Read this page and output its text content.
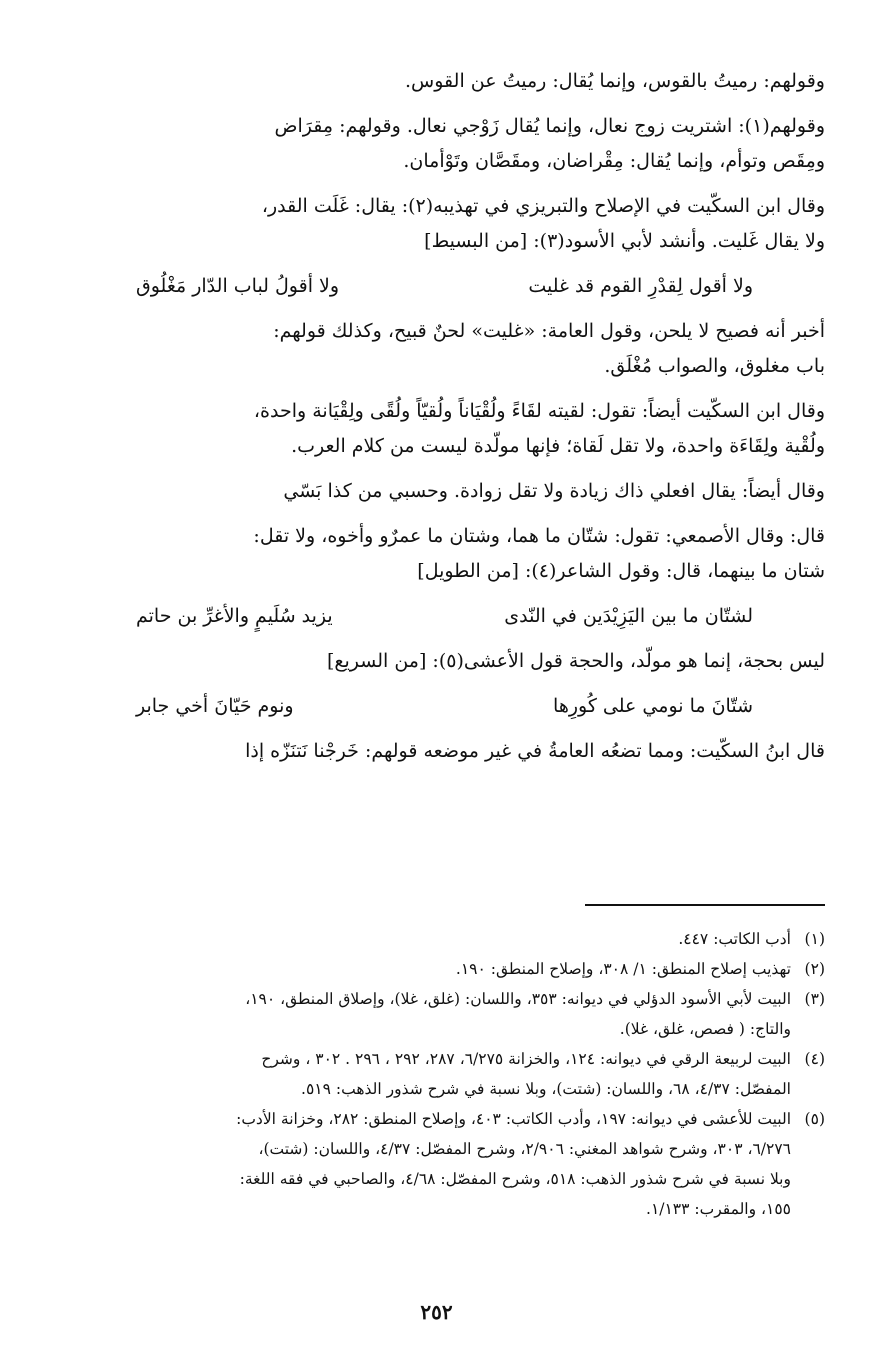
وقولهم: رميتُ بالقوس، وإنما يُقال: رميتُ عن القوس.

وقولهم(١): اشتريت زوج نعال، وإنما يُقال زَوْجي نعال. وقولهم: مِقرَاض
ومِقَص وتوأم، وإنما يُقال: مِقْراضان، ومقَصَّان وتَوْأمان.

وقال ابن السكّيت في الإصلاح والتبريزي في تهذيبه(٢): يقال: غَلَت القدر،
ولا يقال غَليت. وأنشد لأبي الأسود(٣): [من البسيط]

ولا أقول لِقدْرِ القوم قد غليت
ولا أقولُ لباب الدّار مَغْلُوق

أخبر أنه فصيح لا يلحن، وقول العامة: «غليت» لحنٌ قبيح، وكذلك قولهم:
باب مغلوق، والصواب مُغْلَق.

وقال ابن السكّيت أيضاً: تقول: لقيته لقَاءً ولُقْيَاناً ولُقيّاً ولُقًى ولِقْيَانة واحدة،
ولُقْية ولِقَاءَة واحدة، ولا تقل لَقاة؛ فإنها مولّدة ليست من كلام العرب.

وقال أيضاً: يقال افعلي ذاك زيادة ولا تقل زوادة. وحسبي من كذا بَسّي

قال: وقال الأصمعي: تقول: شتّان ما هما، وشتان ما عمرٌو وأخوه، ولا تقل:
شتان ما بينهما، قال: وقول الشاعر(٤): [من الطويل]

لشتّان ما بين اليَزِيْدَين في النّدى
يزيد سُلَيمٍ والأغرِّ بن حاتم

ليس بحجة، إنما هو مولّد، والحجة قول الأعشى(٥): [من السريع]

شتّانَ ما نومي على كُورِها
ونوم حَيّانَ أخي جابر

قال ابنُ السكّيت: ومما تضعُه العامةُ في غير موضعه قولهم: خَرجْنا نَتنَزّه إذا

(١)
أدب الكاتب: ٤٤٧.
(٢)
تهذيب إصلاح المنطق: ١/ ٣٠٨، وإصلاح المنطق: ١٩٠.
(٣)
البيت لأبي الأسود الدؤلي في ديوانه: ٣٥٣، واللسان: (غلق، غلا)، وإصلاق المنطق، ١٩٠،
والتاج: ( فصص، غلق، غلا).
(٤)
البيت لربيعة الرقي في ديوانه: ١٢٤، والخزانة ٦/٢٧٥، ٢٨٧، ٢٩٢ ، ٢٩٦ . ٣٠٢ ، وشرح
المفصّل: ٤/٣٧، ٦٨، واللسان: (شتت)، وبلا نسبة في شرح شذور الذهب: ٥١٩.
(٥)
البيت للأعشى في ديوانه: ١٩٧، وأدب الكاتب: ٤٠٣، وإصلاح المنطق: ٢٨٢، وخزانة الأدب:
٦/٢٧٦، ٣٠٣، وشرح شواهد المغني: ٢/٩٠٦، وشرح المفصّل: ٤/٣٧، واللسان: (شتت)،
وبلا نسبة في شرح شذور الذهب: ٥١٨، وشرح المفصّل: ٤/٦٨، والصاحبي في فقه اللغة:
١٥٥، والمقرب: ١/١٣٣.
٢٥٢
